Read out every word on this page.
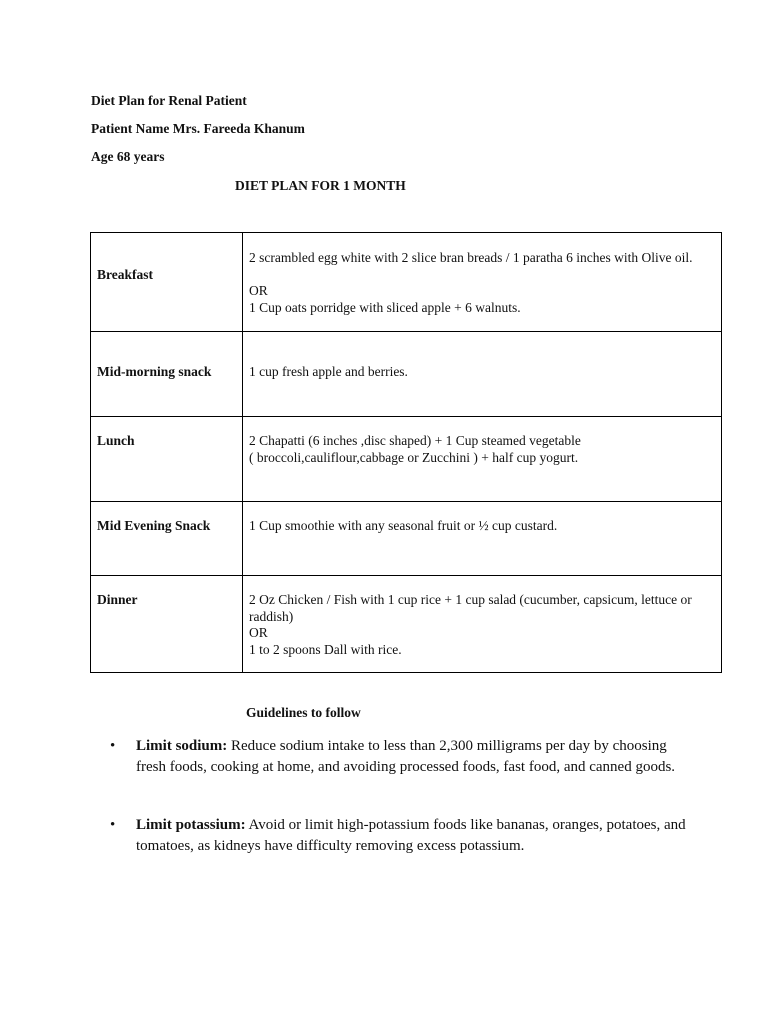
Diet Plan for Renal Patient

Patient Name Mrs. Fareeda Khanum

Age 68 years

DIET PLAN FOR 1 MONTH

Breakfast	2 scrambled egg white with 2 slice bran breads / 1 paratha 6 inches with Olive oil.
OR
1 Cup oats porridge with sliced apple + 6 walnuts.

Mid-morning snack	1 cup fresh apple and berries.

Lunch	2 Chapatti (6 inches ,disc shaped) + 1 Cup steamed vegetable
( broccoli,cauliflour,cabbage or Zucchini ) + half cup yogurt.

Mid Evening Snack	1 Cup smoothie with any seasonal fruit or ½ cup custard.

Dinner	2 Oz Chicken / Fish with 1 cup rice + 1 cup salad (cucumber, capsicum, lettuce or
raddish)
OR
1 to 2 spoons Dall with rice.

Guidelines to follow

• Limit sodium: Reduce sodium intake to less than 2,300 milligrams per day by choosing fresh foods, cooking at home, and avoiding processed foods, fast food, and canned goods.
• Limit potassium: Avoid or limit high-potassium foods like bananas, oranges, potatoes, and tomatoes, as kidneys have difficulty removing excess potassium.
